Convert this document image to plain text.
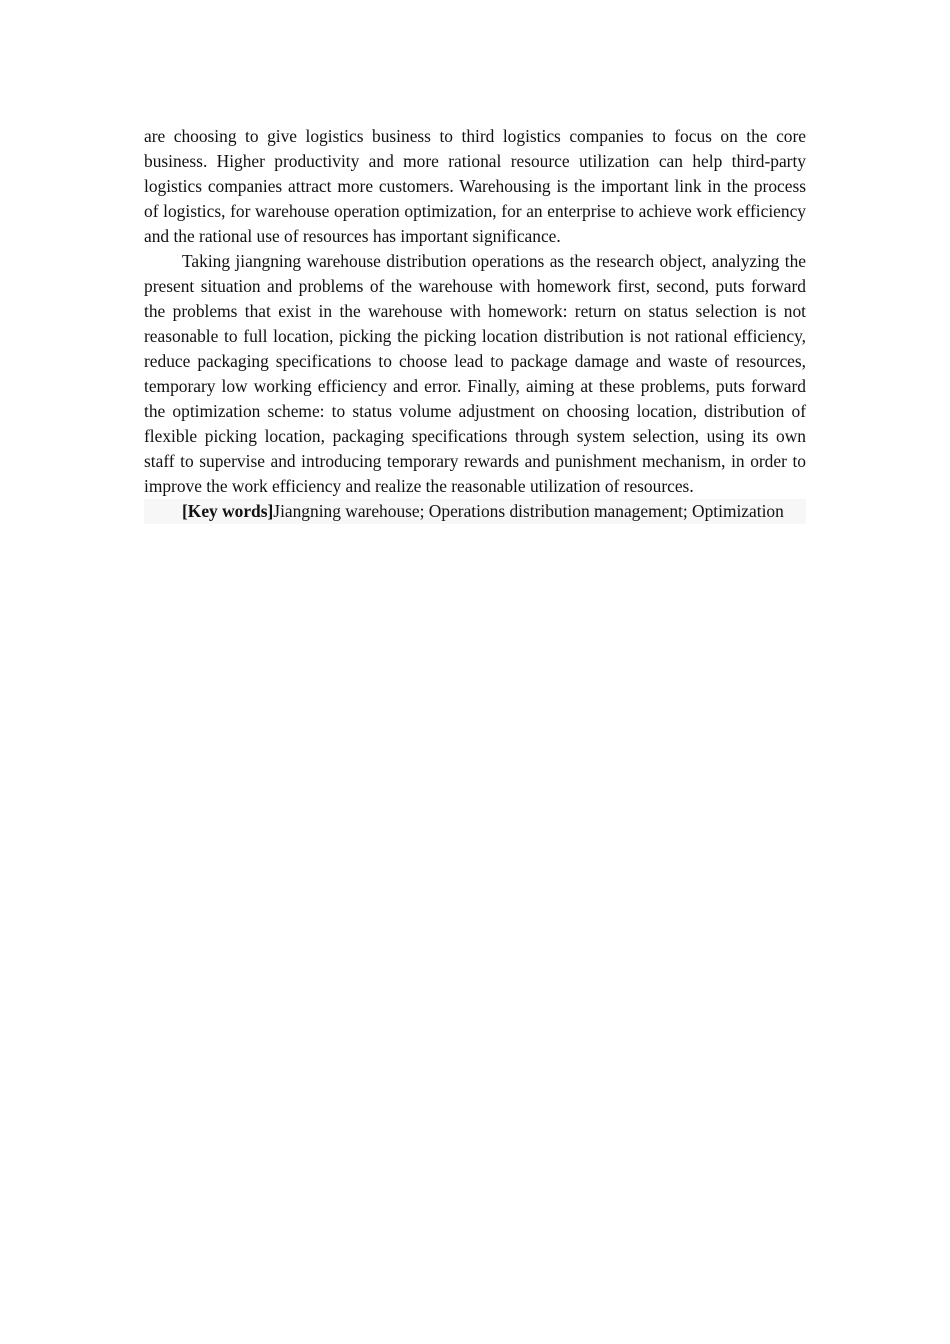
are choosing to give logistics business to third logistics companies to focus on the core business. Higher productivity and more rational resource utilization can help third-party logistics companies attract more customers. Warehousing is the important link in the process of logistics, for warehouse operation optimization, for an enterprise to achieve work efficiency and the rational use of resources has important significance.

Taking jiangning warehouse distribution operations as the research object, analyzing the present situation and problems of the warehouse with homework first, second, puts forward the problems that exist in the warehouse with homework: return on status selection is not reasonable to full location, picking the picking location distribution is not rational efficiency, reduce packaging specifications to choose lead to package damage and waste of resources, temporary low working efficiency and error. Finally, aiming at these problems, puts forward the optimization scheme: to status volume adjustment on choosing location, distribution of flexible picking location, packaging specifications through system selection, using its own staff to supervise and introducing temporary rewards and punishment mechanism, in order to improve the work efficiency and realize the reasonable utilization of resources.

[Key words]Jiangning warehouse; Operations distribution management; Optimization
